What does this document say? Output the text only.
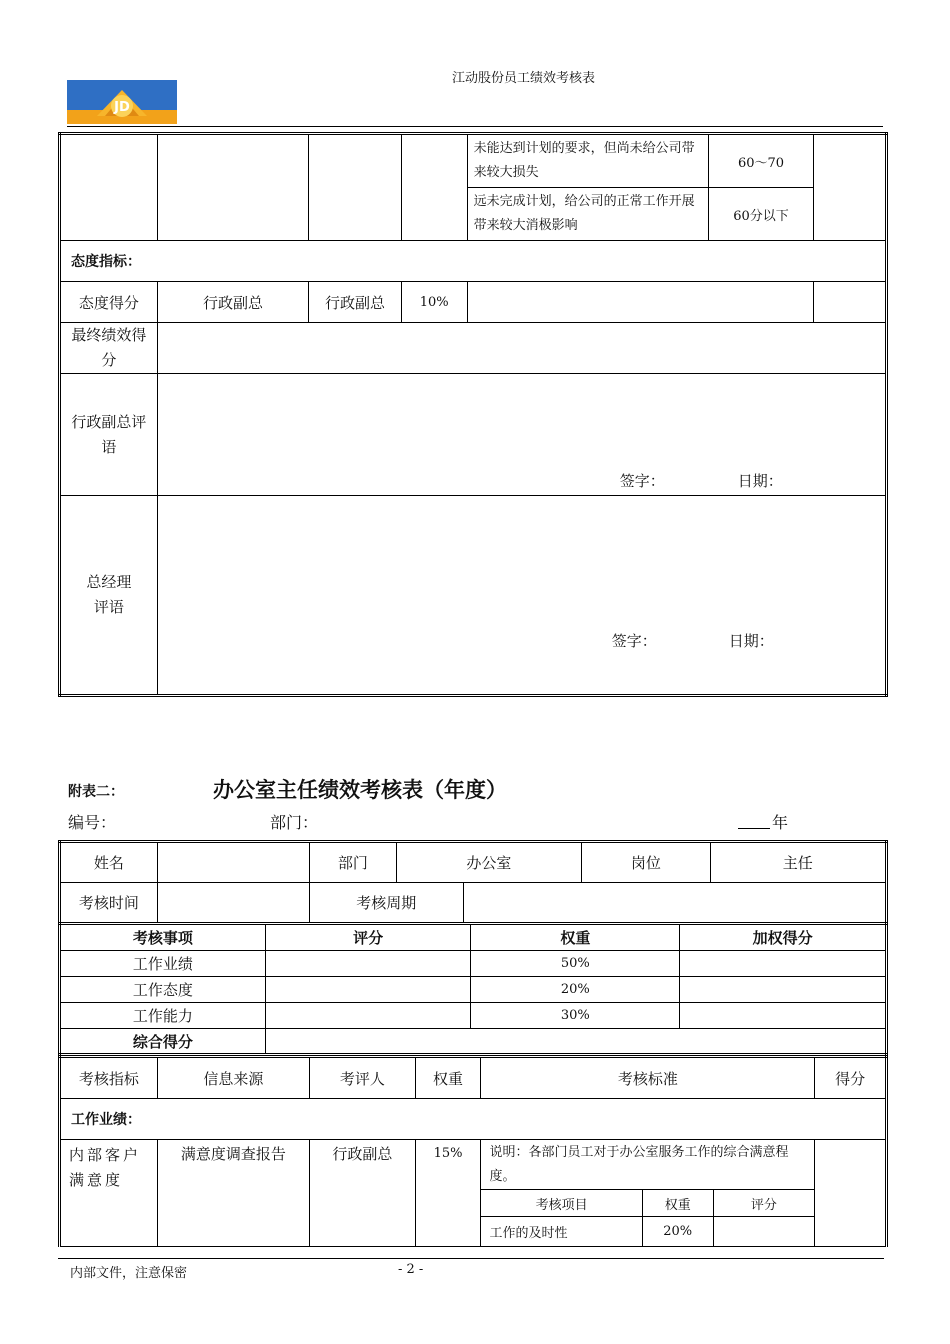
江动股份员工绩效考核表
JD
				未能达到计划的要求，但尚未给公司带来较大损失	60～70	
				远未完成计划，给公司的正常工作开展带来较大消极影响	60分以下	
态度指标：						
态度得分	行政副总	行政副总	10%			
最终绩效得分						
行政副总评语	签字： 日期：					

总经理评语	签字： 日期：					
附表二：	办公室主任绩效考核表（年度）
编号：	部门：	年
姓名		部门	办公室		岗位	主任
考核时间		考核周期				
考核事项	评分	权重	加权得分
工作业绩		50%	
工作态度		20%	
工作能力		30%	
综合得分			
考核指标	信息来源	考评人	权重	考核标准			得分
工作业绩：							
内部客户满意度	满意度调查报告	行政副总	15%	说明：各部门员工对于办公室服务工作的综合满意程度。			
				考核项目	权重	评分	
				工作的及时性	20%		
内部文件，注意保密	- 2 -
